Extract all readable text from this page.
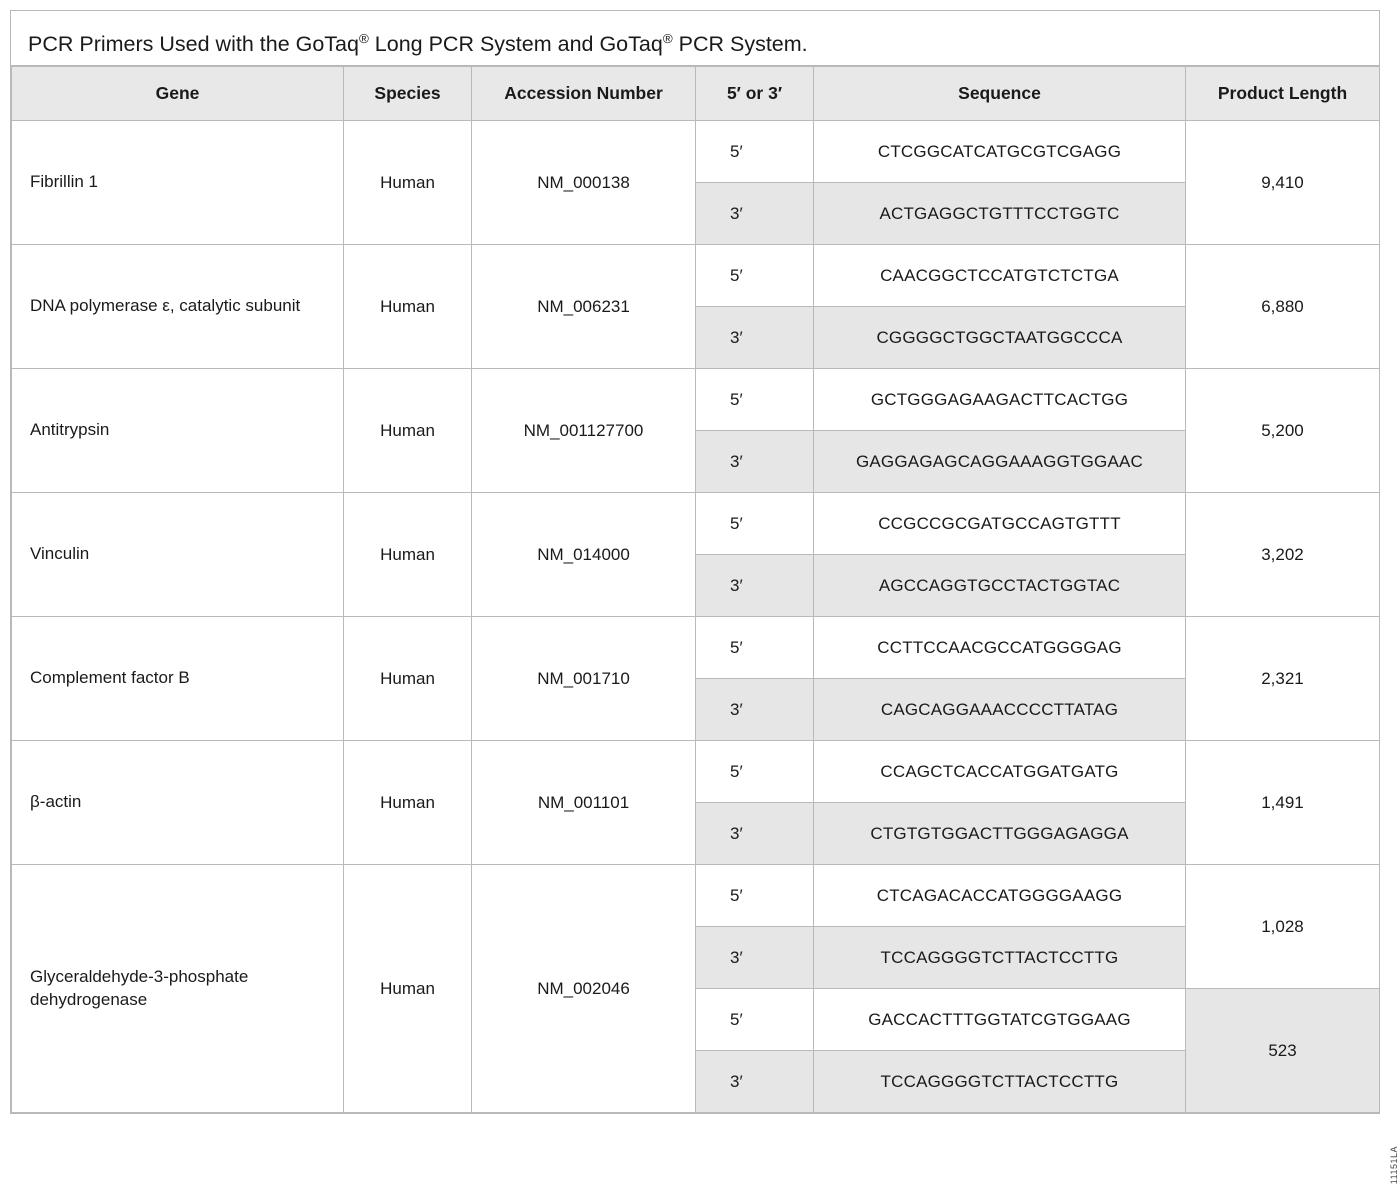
PCR Primers Used with the GoTaq® Long PCR System and GoTaq® PCR System.
Gene	Species	Accession Number	5′ or 3′	Sequence	Product Length
Fibrillin 1	Human	NM_000138	5′	CTCGGCATCATGCGTCGAGG	9,410
			3′	ACTGAGGCTGTTTCCTGGTC	
DNA polymerase ε, catalytic subunit	Human	NM_006231	5′	CAACGGCTCCATGTCTCTGA	6,880
			3′	CGGGGCTGGCTAATGGCCCA	
Antitrypsin	Human	NM_001127700	5′	GCTGGGAGAAGACTTCACTGG	5,200
			3′	GAGGAGAGCAGGAAAGGTGGAAC	
Vinculin	Human	NM_014000	5′	CCGCCGCGATGCCAGTGTTT	3,202
			3′	AGCCAGGTGCCTACTGGTAC	
Complement factor B	Human	NM_001710	5′	CCTTCCAACGCCATGGGGAG	2,321
			3′	CAGCAGGAAACCCCTTATAG	
β-actin	Human	NM_001101	5′	CCAGCTCACCATGGATGATG	1,491
			3′	CTGTGTGGACTTGGGAGAGGA	
Glyceraldehyde-3-phosphate dehydrogenase	Human	NM_002046	5′	CTCAGACACCATGGGGAAGG	1,028
			3′	TCCAGGGGTCTTACTCCTTG	
			5′	GACCACTTTGGTATCGTGGAAG	523
			3′	TCCAGGGGTCTTACTCCTTG	
11151LA
